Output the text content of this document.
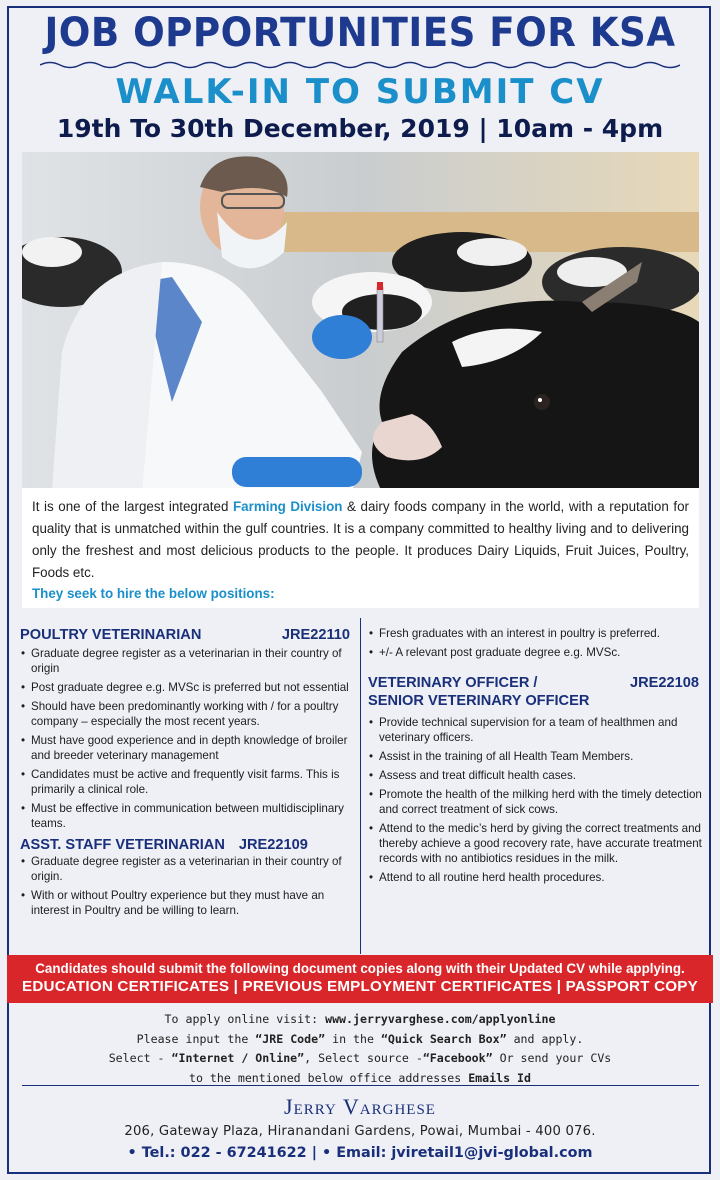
JOB OPPORTUNITIES FOR KSA
WALK-IN TO SUBMIT CV
19th To 30th December, 2019 | 10am - 4pm
It is one of the largest integrated Farming Division & dairy foods company in the world, with a reputation for quality that is unmatched within the gulf countries. It is a company committed to healthy living and to delivering only the freshest and most delicious products to the people. It produces Dairy Liquids, Fruit Juices, Poultry, Foods etc.
They seek to hire the below positions:
POULTRY VETERINARIAN	JRE22110
• Graduate degree register as a veterinarian in their country of origin
• Post graduate degree e.g. MVSc is preferred but not essential
• Should have been predominantly working with / for a poultry company – especially the most recent years.
• Must have good experience and in depth knowledge of broiler and breeder veterinary management
• Candidates must be active and frequently visit farms. This is primarily a clinical role.
• Must be effective in communication between multidisciplinary teams.
ASST. STAFF VETERINARIAN JRE22109
• Graduate degree register as a veterinarian in their country of origin.
• With or without Poultry experience but they must have an interest in Poultry and be willing to learn.
• Fresh graduates with an interest in poultry is preferred.
• +/- A relevant post graduate degree e.g. MVSc.
VETERINARY OFFICER /	JRE22108
SENIOR VETERINARY OFFICER
• Provide technical supervision for a team of healthmen and veterinary officers.
• Assist in the training of all Health Team Members.
• Assess and treat difficult health cases.
• Promote the health of the milking herd with the timely detection and correct treatment of sick cows.
• Attend to the medic’s herd by giving the correct treatments and thereby achieve a good recovery rate, have accurate treatment records with no antibiotics residues in the milk.
• Attend to all routine herd health procedures.
Candidates should submit the following document copies along with their Updated CV while applying.
EDUCATION CERTIFICATES | PREVIOUS EMPLOYMENT CERTIFICATES | PASSPORT COPY
To apply online visit: www.jerryvarghese.com/applyonline
Please input the “JRE Code” in the “Quick Search Box” and apply.
Select - “Internet / Online”, Select source -“Facebook” Or send your CVs
to the mentioned below office addresses Emails Id
Jerry Varghese
206, Gateway Plaza, Hiranandani Gardens, Powai, Mumbai - 400 076.
• Tel.: 022 - 67241622 | • Email: jviretail1@jvi-global.com
